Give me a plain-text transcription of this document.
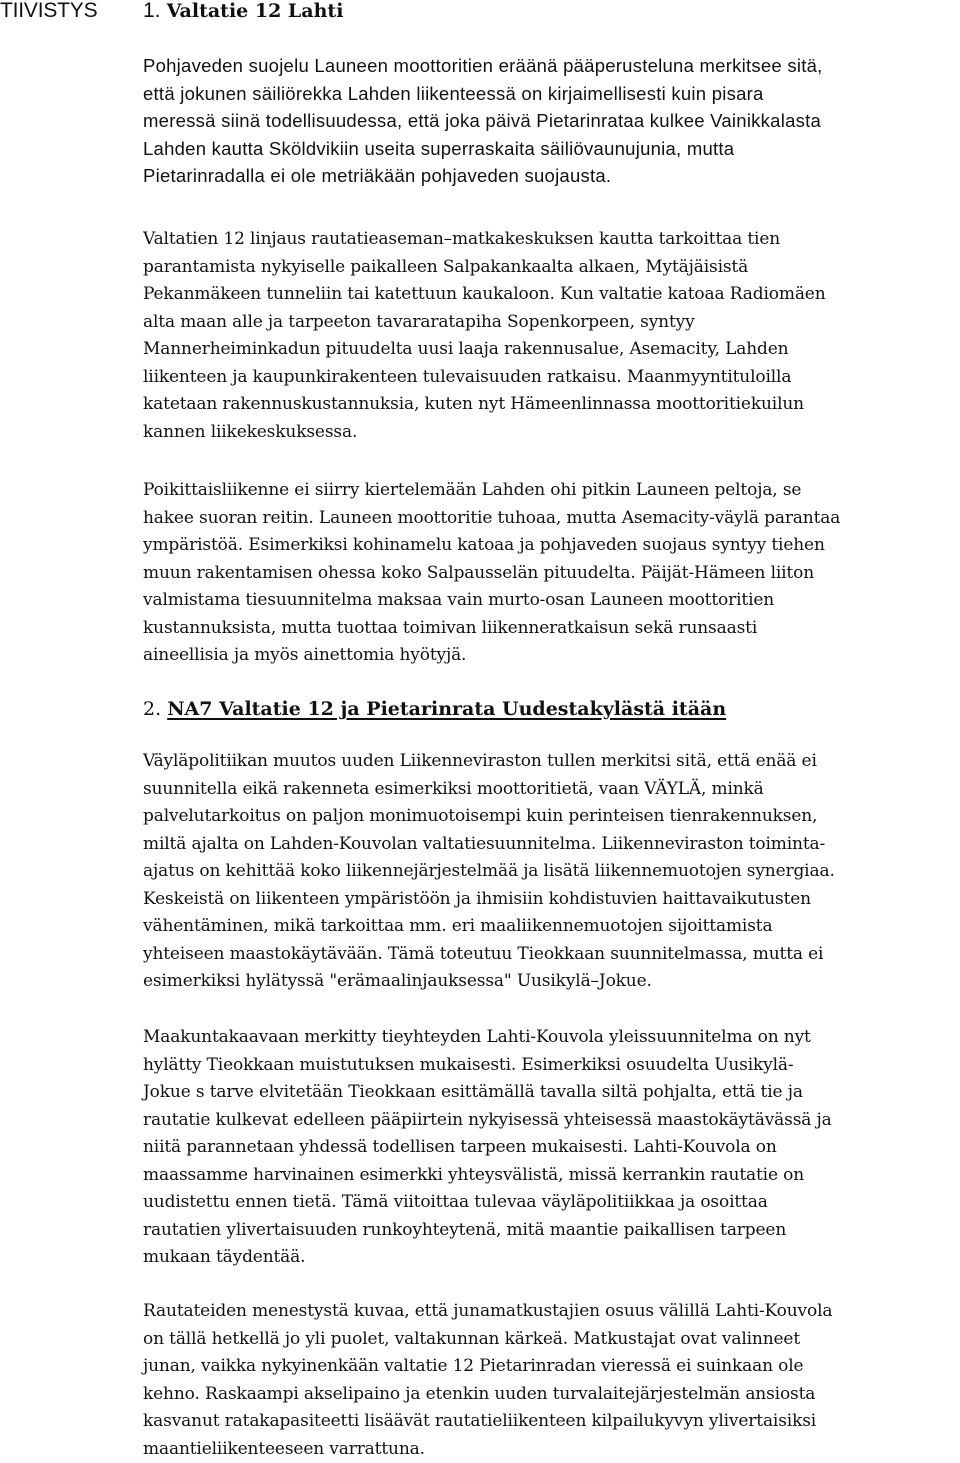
TIIVISTYS 1. Valtatie 12 Lahti
Pohjaveden suojelu Launeen moottoritien eräänä pääperusteluna merkitsee sitä,
että jokunen säiliörekka Lahden liikenteessä on kirjaimellisesti kuin pisara
meressä siinä todellisuudessa, että joka päivä Pietarinrataa kulkee Vainikkalasta
Lahden kautta Sköldvikiin useita superraskaita säiliövaunujunia, mutta
Pietarinradalla ei ole metriäkään pohjaveden suojausta.
Valtatien 12 linjaus rautatieaseman–matkakeskuksen kautta tarkoittaa tien
parantamista nykyiselle paikalleen Salpakankaalta alkaen, Mytäjäisistä
Pekanmäkeen tunneliin tai katettuun kaukaloon. Kun valtatie katoaa Radiomäen
alta maan alle ja tarpeeton tavararatapiha Sopenkorpeen, syntyy
Mannerheiminkadun pituudelta uusi laaja rakennusalue, Asemacity, Lahden
liikenteen ja kaupunkirakenteen tulevaisuuden ratkaisu. Maanmyyntituloilla
katetaan rakennuskustannuksia, kuten nyt Hämeenlinnassa moottoritiekuilun
kannen liikekeskuksessa.
Poikittaisliikenne ei siirry kiertelemään Lahden ohi pitkin Launeen peltoja, se
hakee suoran reitin. Launeen moottoritie tuhoaa, mutta Asemacity-väylä parantaa
ympäristöä. Esimerkiksi kohinamelu katoaa ja pohjaveden suojaus syntyy tiehen
muun rakentamisen ohessa koko Salpausselän pituudelta. Päijät-Hämeen liiton
valmistama tiesuunnitelma maksaa vain murto-osan Launeen moottoritien
kustannuksista, mutta tuottaa toimivan liikenneratkaisun sekä runsaasti
aineellisia ja myös ainettomia hyötyjä.
2. NA7 Valtatie 12 ja Pietarinrata Uudestakylästä itään
Väyläpolitiikan muutos uuden Liikenneviraston tullen merkitsi sitä, että enää ei
suunnitella eikä rakenneta esimerkiksi moottoritietä, vaan VÄYLÄ, minkä
palvelutarkoitus on paljon monimuotoisempi kuin perinteisen tienrakennuksen,
miltä ajalta on Lahden-Kouvolan valtatiesuunnitelma. Liikenneviraston toiminta-
ajatus on kehittää koko liikennejärjestelmää ja lisätä liikennemuotojen synergiaa.
Keskeistä on liikenteen ympäristöön ja ihmisiin kohdistuvien haittavaikutusten
vähentäminen, mikä tarkoittaa mm. eri maaliikennemuotojen sijoittamista
yhteiseen maastokäytävään. Tämä toteutuu Tieokkaan suunnitelmassa, mutta ei
esimerkiksi hylätyssä "erämaalinjauksessa" Uusikylä–Jokue.
Maakuntakaavaan merkitty tieyhteyden Lahti-Kouvola yleissuunnitelma on nyt
hylätty Tieokkaan muistutuksen mukaisesti. Esimerkiksi osuudelta Uusikylä-
Jokue s tarve elvitetään Tieokkaan esittämällä tavalla siltä pohjalta, että tie ja
rautatie kulkevat edelleen pääpiirtein nykyisessä yhteisessä maastokäytävässä ja
niitä parannetaan yhdessä todellisen tarpeen mukaisesti. Lahti-Kouvola on
maassamme harvinainen esimerkki yhteysvälistä, missä kerrankin rautatie on
uudistettu ennen tietä. Tämä viitoittaa tulevaa väyläpolitiikkaa ja osoittaa
rautatien ylivertaisuuden runkoyhteytenä, mitä maantie paikallisen tarpeen
mukaan täydentää.
Rautateiden menestystä kuvaa, että junamatkustajien osuus välillä Lahti-Kouvola
on tällä hetkellä jo yli puolet, valtakunnan kärkeä. Matkustajat ovat valinneet
junan, vaikka nykyinenkään valtatie 12 Pietarinradan vieressä ei suinkaan ole
kehno. Raskaampi akselipaino ja etenkin uuden turvalaitejärjestelmän ansiosta
kasvanut ratakapasiteetti lisäävät rautatieliikenteen kilpailukyvyn ylivertaisiksi
maantieliikenteeseen varrattuna.
